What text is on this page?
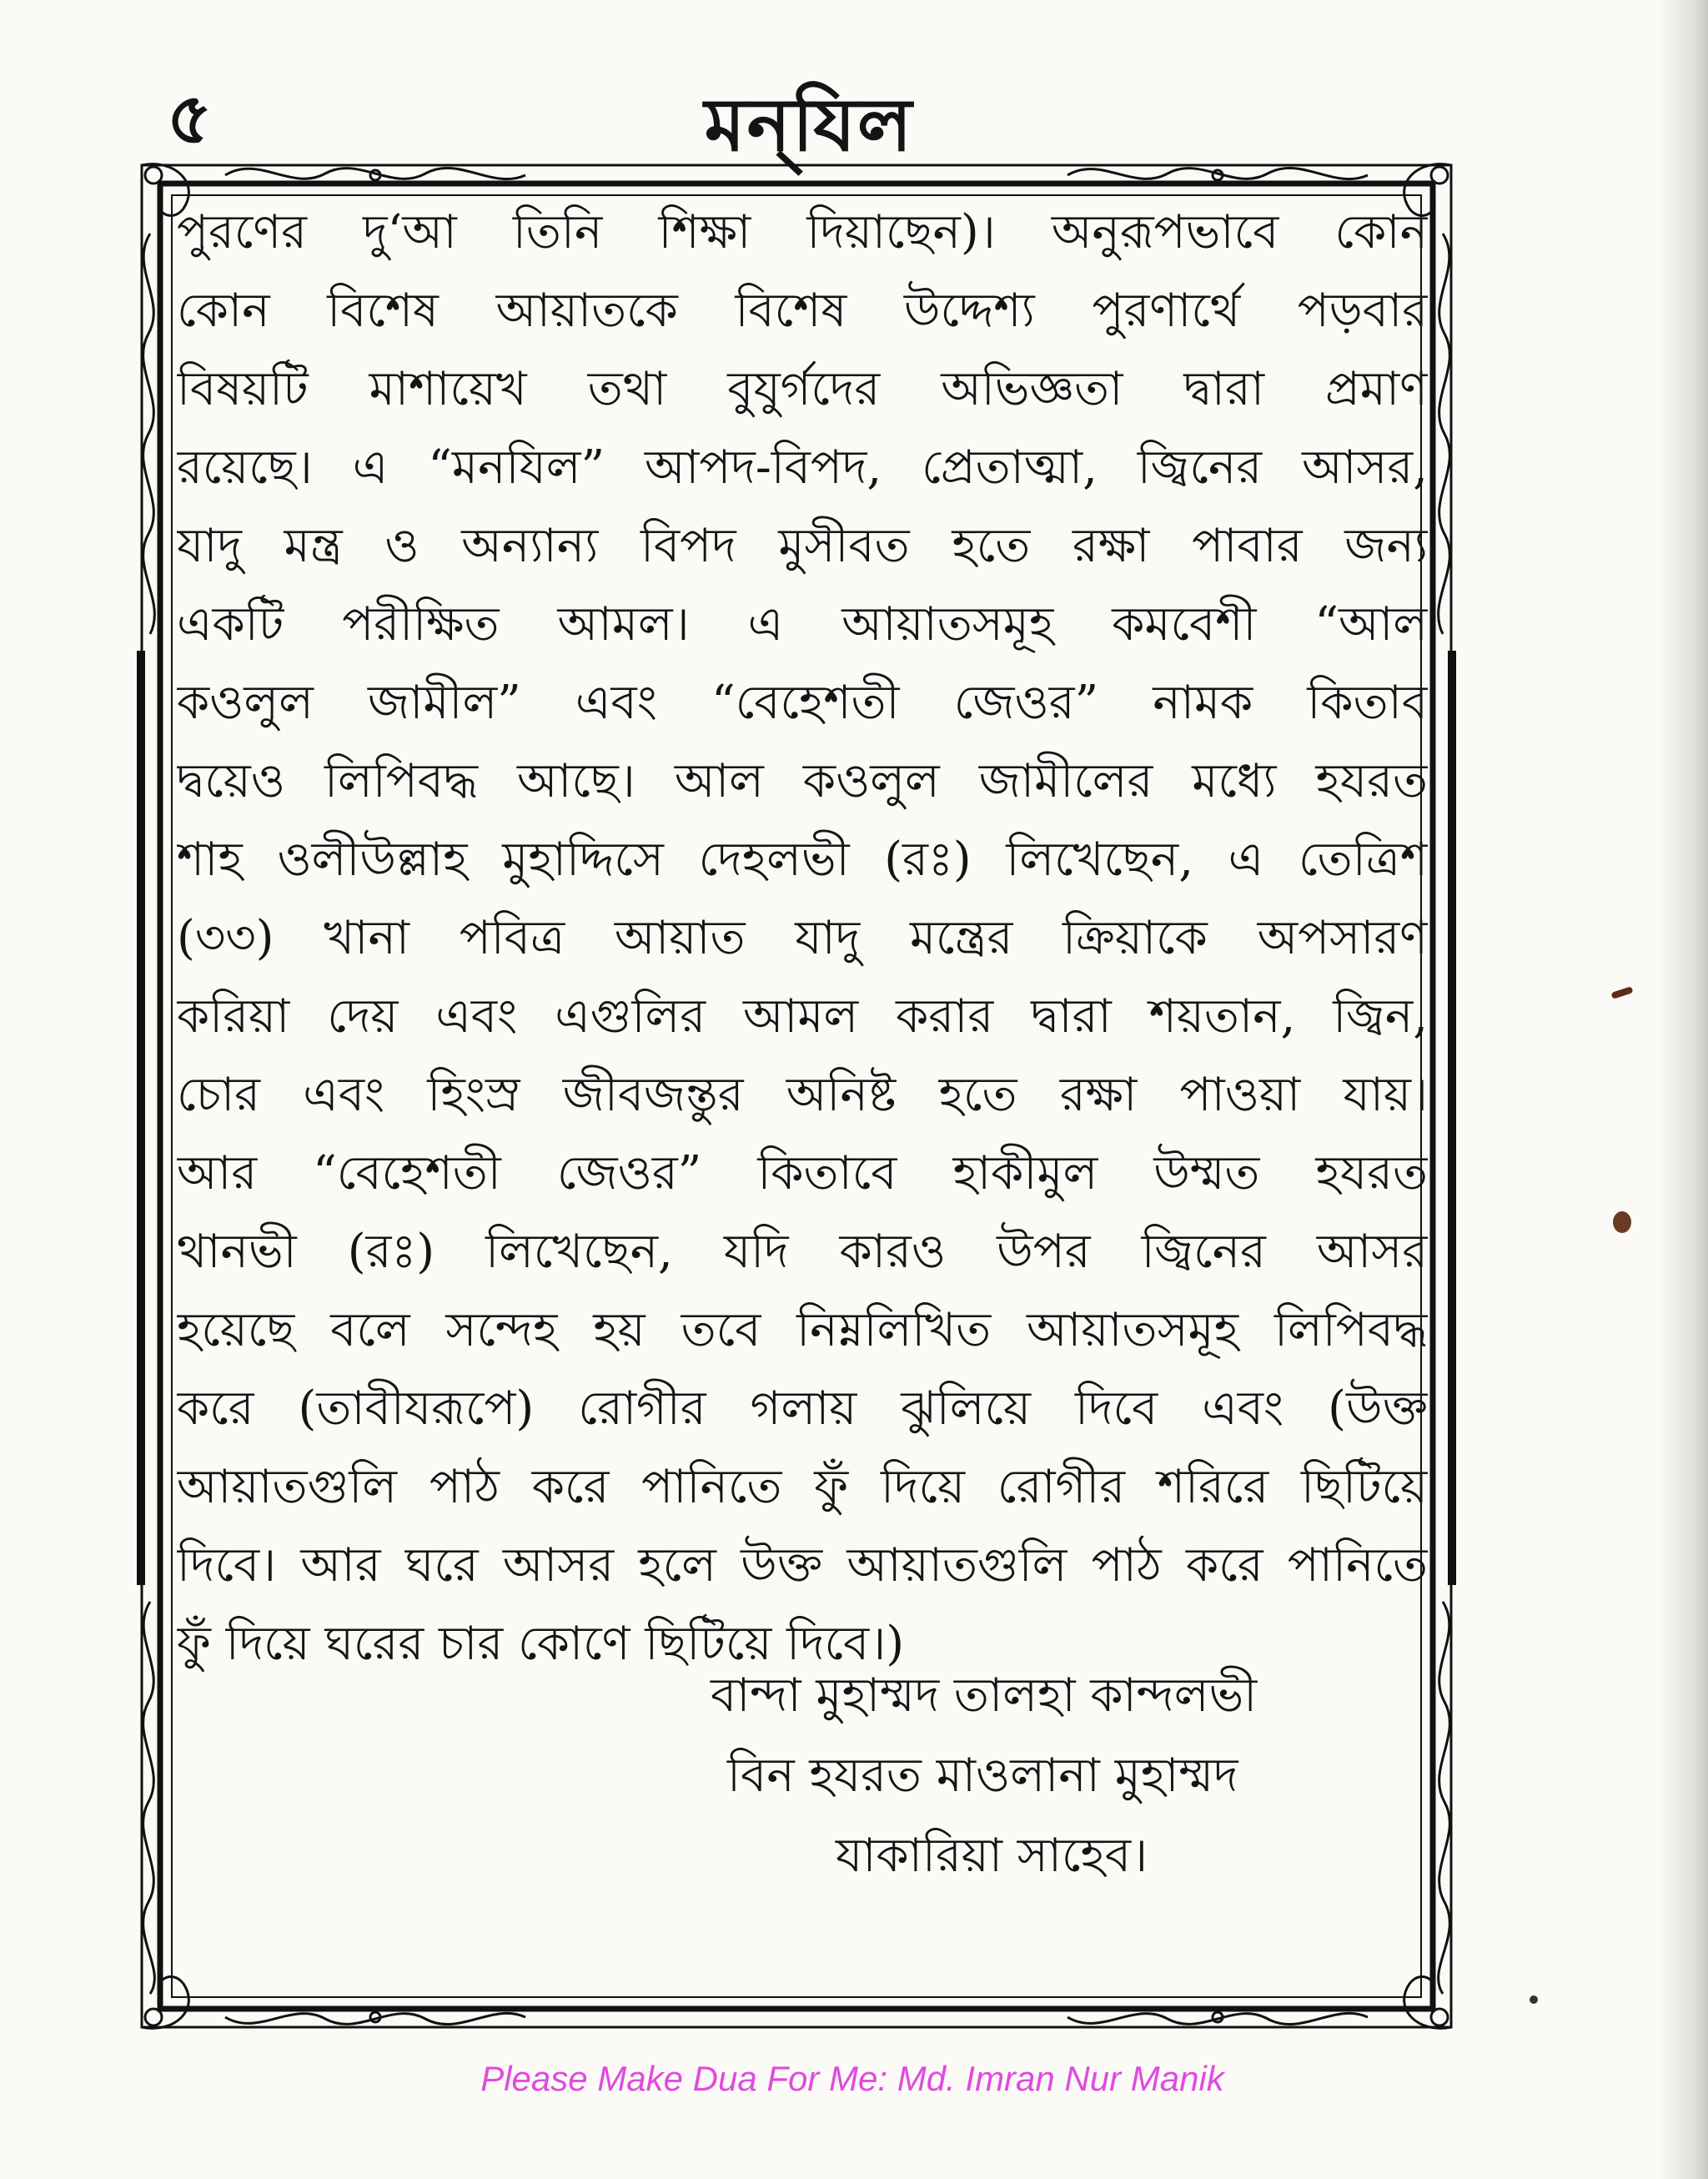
৫	মন্‌যিল
পুরণের দু‘আ তিনি শিক্ষা দিয়াছেন)। অনুরূপভাবে কোন
কোন বিশেষ আয়াতকে বিশেষ উদ্দেশ্য পুরণার্থে পড়বার
বিষয়টি মাশায়েখ তথা বুযুর্গদের অভিজ্ঞতা দ্বারা প্রমাণ
রয়েছে। এ “মনযিল” আপদ-বিপদ, প্রেতাত্মা, জ্বিনের আসর,
যাদু মন্ত্র ও অন্যান্য বিপদ মুসীবত হতে রক্ষা পাবার জন্য
একটি পরীক্ষিত আমল। এ আয়াতসমূহ কমবেশী “আল
কওলুল জামীল” এবং “বেহেশতী জেওর” নামক কিতাব
দ্বয়েও লিপিবদ্ধ আছে। আল কওলুল জামীলের মধ্যে হযরত
শাহ ওলীউল্লাহ মুহাদ্দিসে দেহলভী (রঃ) লিখেছেন, এ তেত্রিশ
(৩৩) খানা পবিত্র আয়াত যাদু মন্ত্রের ক্রিয়াকে অপসারণ
করিয়া দেয় এবং এগুলির আমল করার দ্বারা শয়তান, জ্বিন,
চোর এবং হিংস্র জীবজন্তুর অনিষ্ট হতে রক্ষা পাওয়া যায়।
আর “বেহেশতী জেওর” কিতাবে হাকীমুল উম্মত হযরত
থানভী (রঃ) লিখেছেন, যদি কারও উপর জ্বিনের আসর
হয়েছে বলে সন্দেহ হয় তবে নিম্নলিখিত আয়াতসমূহ লিপিবদ্ধ
করে (তাবীযরূপে) রোগীর গলায় ঝুলিয়ে দিবে এবং (উক্ত
আয়াতগুলি পাঠ করে পানিতে ফুঁ দিয়ে রোগীর শরিরে ছিটিয়ে
দিবে। আর ঘরে আসর হলে উক্ত আয়াতগুলি পাঠ করে পানিতে
ফুঁ দিয়ে ঘরের চার কোণে ছিটিয়ে দিবে।)
বান্দা মুহাম্মদ তালহা কান্দলভী
বিন হযরত মাওলানা মুহাম্মদ
যাকারিয়া সাহেব।
Please Make Dua For Me: Md. Imran Nur Manik
